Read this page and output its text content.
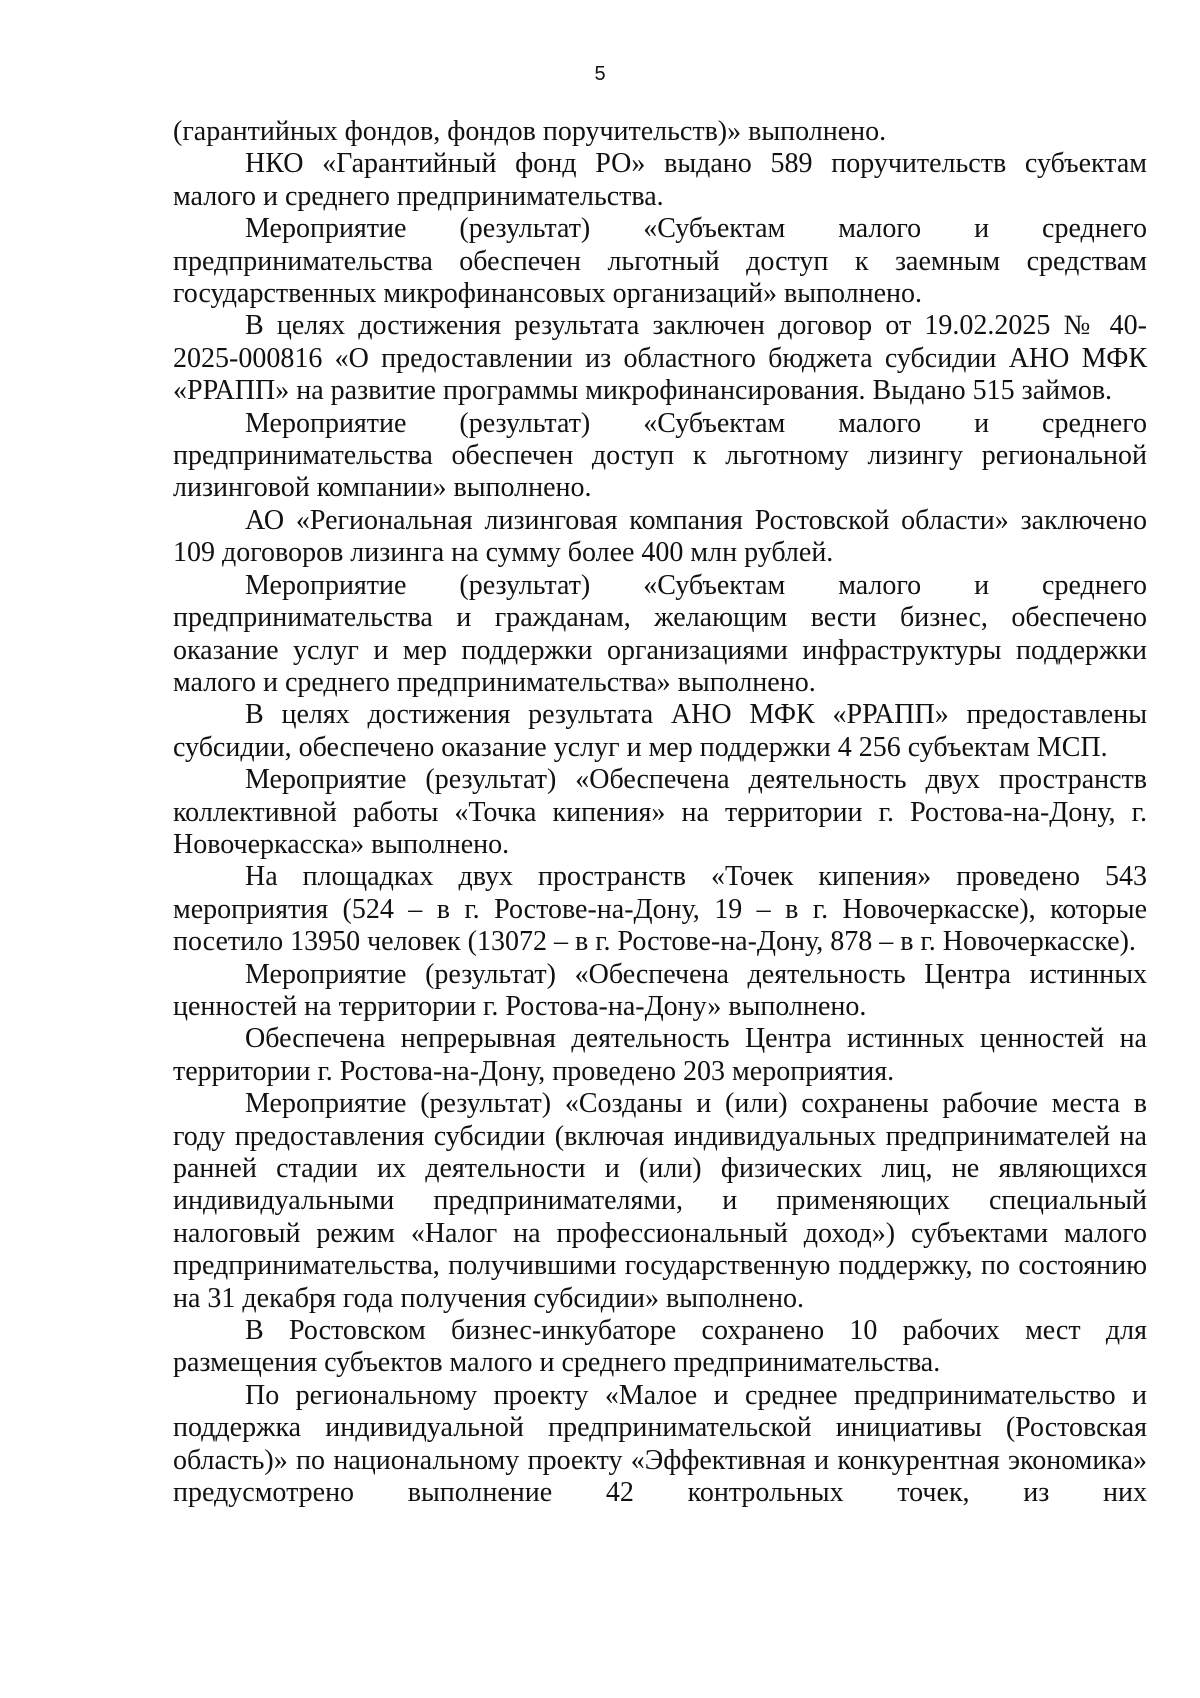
5

(гарантийных фондов, фондов поручительств)» выполнено.

НКО «Гарантийный фонд РО» выдано 589 поручительств субъектам малого и среднего предпринимательства.

Мероприятие (результат) «Субъектам малого и среднего предпринимательства обеспечен льготный доступ к заемным средствам государственных микрофинансовых организаций» выполнено.

В целях достижения результата заключен договор от 19.02.2025 № 40-2025-000816 «О предоставлении из областного бюджета субсидии АНО МФК «РРАПП» на развитие программы микрофинансирования. Выдано 515 займов.

Мероприятие (результат) «Субъектам малого и среднего предпринимательства обеспечен доступ к льготному лизингу региональной лизинговой компании» выполнено.

АО «Региональная лизинговая компания Ростовской области» заключено 109 договоров лизинга на сумму более 400 млн рублей.

Мероприятие (результат) «Субъектам малого и среднего предпринимательства и гражданам, желающим вести бизнес, обеспечено оказание услуг и мер поддержки организациями инфраструктуры поддержки малого и среднего предпринимательства» выполнено.

В целях достижения результата АНО МФК «РРАПП» предоставлены субсидии, обеспечено оказание услуг и мер поддержки 4 256 субъектам МСП.

Мероприятие (результат) «Обеспечена деятельность двух пространств коллективной работы «Точка кипения» на территории г. Ростова-на-Дону, г. Новочеркасска» выполнено.

На площадках двух пространств «Точек кипения» проведено 543 мероприятия (524 – в г. Ростове-на-Дону, 19 – в г. Новочеркасске), которые посетило 13950 человек (13072 – в г. Ростове-на-Дону, 878 – в г. Новочеркасске).

Мероприятие (результат) «Обеспечена деятельность Центра истинных ценностей на территории г. Ростова-на-Дону» выполнено.

Обеспечена непрерывная деятельность Центра истинных ценностей на территории г. Ростова-на-Дону, проведено 203 мероприятия.

Мероприятие (результат) «Созданы и (или) сохранены рабочие места в году предоставления субсидии (включая индивидуальных предпринимателей на ранней стадии их деятельности и (или) физических лиц, не являющихся индивидуальными предпринимателями, и применяющих специальный налоговый режим «Налог на профессиональный доход») субъектами малого предпринимательства, получившими государственную поддержку, по состоянию на 31 декабря года получения субсидии» выполнено.

В Ростовском бизнес-инкубаторе сохранено 10 рабочих мест для размещения субъектов малого и среднего предпринимательства.

По региональному проекту «Малое и среднее предпринимательство и поддержка индивидуальной предпринимательской инициативы (Ростовская область)» по национальному проекту «Эффективная и конкурентная экономика» предусмотрено выполнение 42 контрольных точек, из них
